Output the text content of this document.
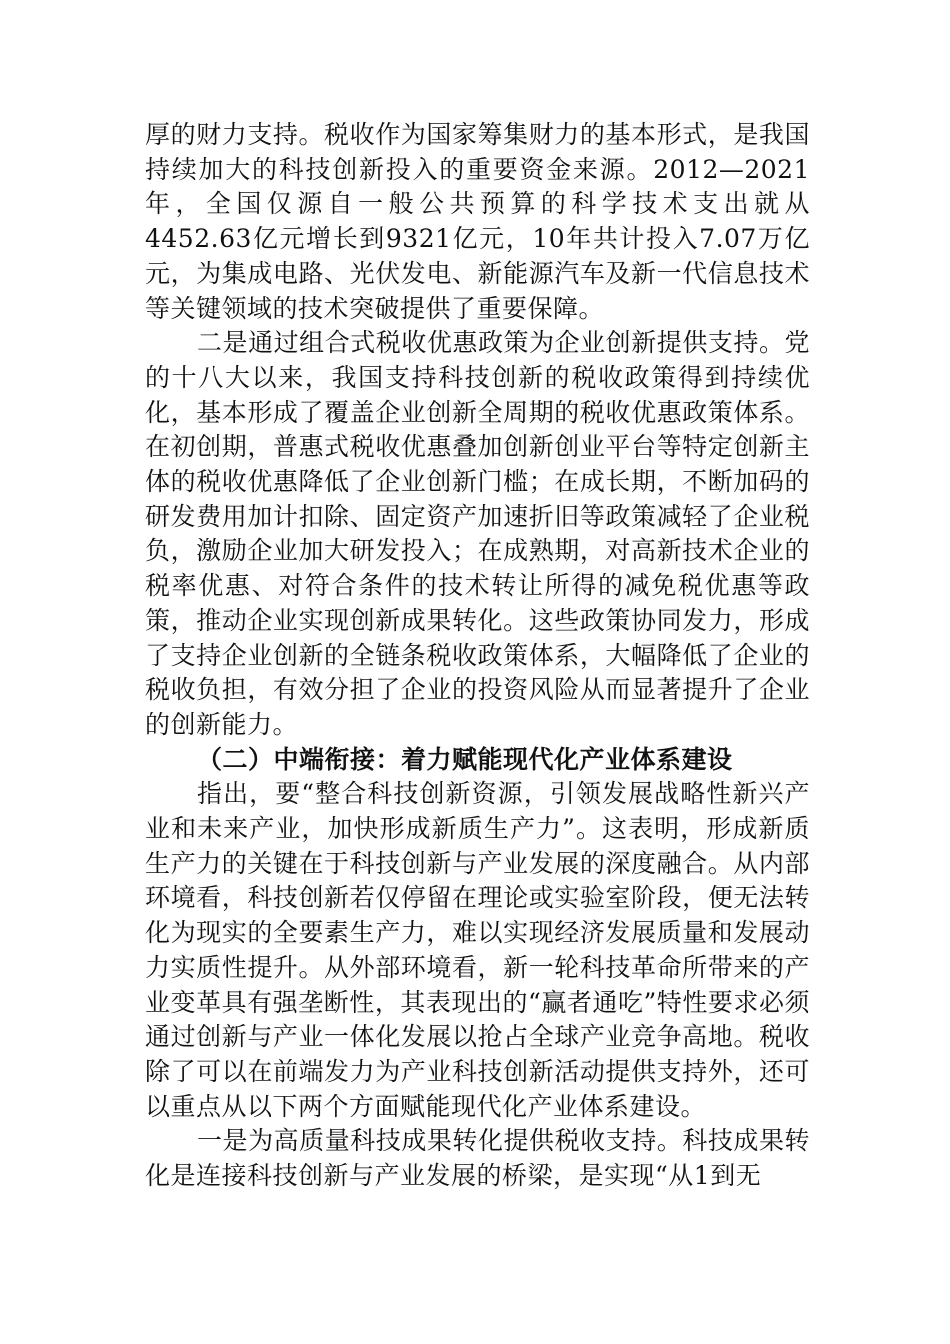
厚的财力支持。税收作为国家筹集财力的基本形式，是我国持续加大的科技创新投入的重要资金来源。2012—2021年，全国仅源自一般公共预算的科学技术支出就从4452.63亿元增长到9321亿元，10年共计投入7.07万亿元，为集成电路、光伏发电、新能源汽车及新一代信息技术等关键领域的技术突破提供了重要保障。

二是通过组合式税收优惠政策为企业创新提供支持。党的十八大以来，我国支持科技创新的税收政策得到持续优化，基本形成了覆盖企业创新全周期的税收优惠政策体系。在初创期，普惠式税收优惠叠加创新创业平台等特定创新主体的税收优惠降低了企业创新门槛；在成长期，不断加码的研发费用加计扣除、固定资产加速折旧等政策减轻了企业税负，激励企业加大研发投入；在成熟期，对高新技术企业的税率优惠、对符合条件的技术转让所得的减免税优惠等政策，推动企业实现创新成果转化。这些政策协同发力，形成了支持企业创新的全链条税收政策体系，大幅降低了企业的税收负担，有效分担了企业的投资风险从而显著提升了企业的创新能力。

（二）中端衔接：着力赋能现代化产业体系建设

指出，要“整合科技创新资源，引领发展战略性新兴产业和未来产业，加快形成新质生产力”。这表明，形成新质生产力的关键在于科技创新与产业发展的深度融合。从内部环境看，科技创新若仅停留在理论或实验室阶段，便无法转化为现实的全要素生产力，难以实现经济发展质量和发展动力实质性提升。从外部环境看，新一轮科技革命所带来的产业变革具有强垄断性，其表现出的“赢者通吃”特性要求必须通过创新与产业一体化发展以抢占全球产业竞争高地。税收除了可以在前端发力为产业科技创新活动提供支持外，还可以重点从以下两个方面赋能现代化产业体系建设。

一是为高质量科技成果转化提供税收支持。科技成果转化是连接科技创新与产业发展的桥梁，是实现“从1到无
